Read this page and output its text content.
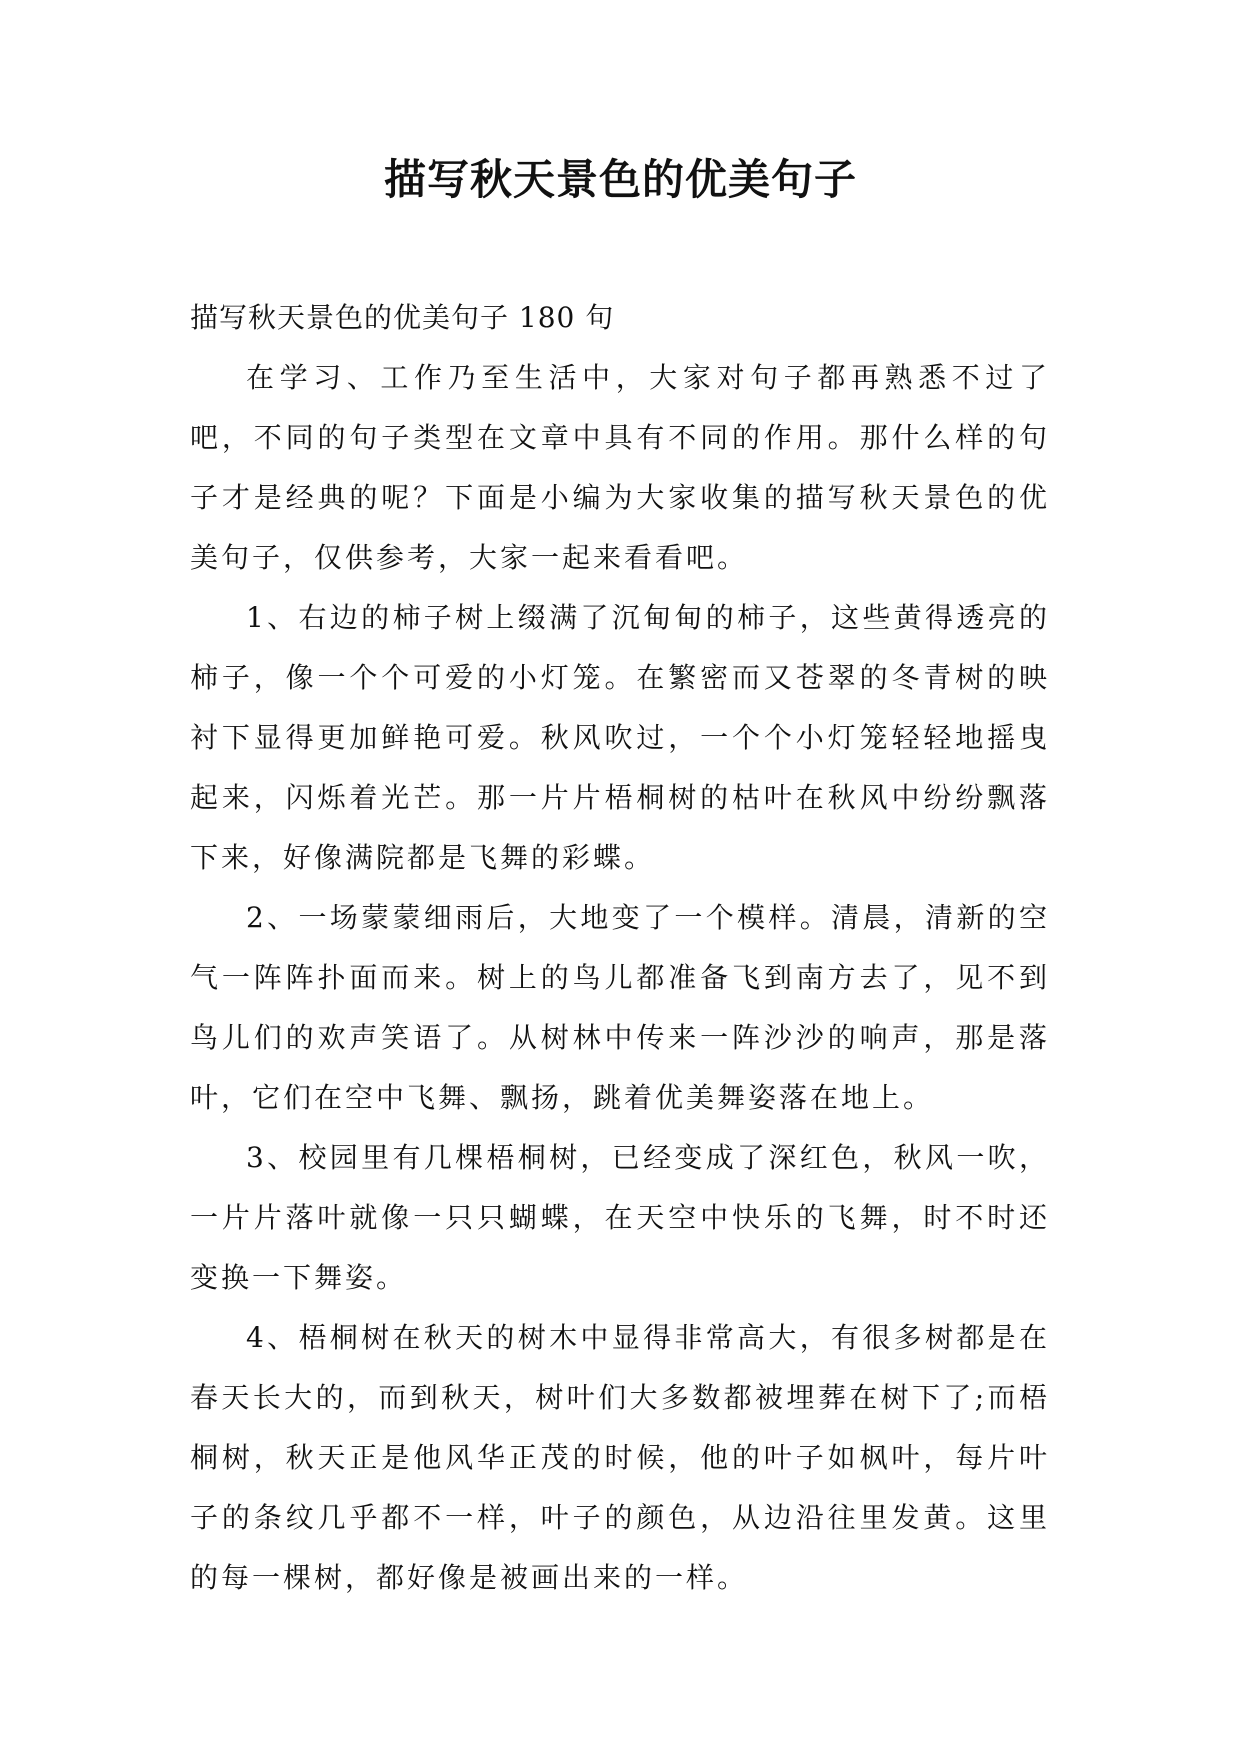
描写秋天景色的优美句子

描写秋天景色的优美句子 180 句

在学习、工作乃至生活中，大家对句子都再熟悉不过了吧，不同的句子类型在文章中具有不同的作用。那什么样的句子才是经典的呢？下面是小编为大家收集的描写秋天景色的优美句子，仅供参考，大家一起来看看吧。

1、右边的柿子树上缀满了沉甸甸的柿子，这些黄得透亮的柿子，像一个个可爱的小灯笼。在繁密而又苍翠的冬青树的映衬下显得更加鲜艳可爱。秋风吹过，一个个小灯笼轻轻地摇曳起来，闪烁着光芒。那一片片梧桐树的枯叶在秋风中纷纷飘落下来，好像满院都是飞舞的彩蝶。

2、一场蒙蒙细雨后，大地变了一个模样。清晨，清新的空气一阵阵扑面而来。树上的鸟儿都准备飞到南方去了，见不到鸟儿们的欢声笑语了。从树林中传来一阵沙沙的响声，那是落叶，它们在空中飞舞、飘扬，跳着优美舞姿落在地上。

3、校园里有几棵梧桐树，已经变成了深红色，秋风一吹，一片片落叶就像一只只蝴蝶，在天空中快乐的飞舞，时不时还变换一下舞姿。

4、梧桐树在秋天的树木中显得非常高大，有很多树都是在春天长大的，而到秋天，树叶们大多数都被埋葬在树下了;而梧桐树，秋天正是他风华正茂的时候，他的叶子如枫叶，每片叶子的条纹几乎都不一样，叶子的颜色，从边沿往里发黄。这里的每一棵树，都好像是被画出来的一样。
